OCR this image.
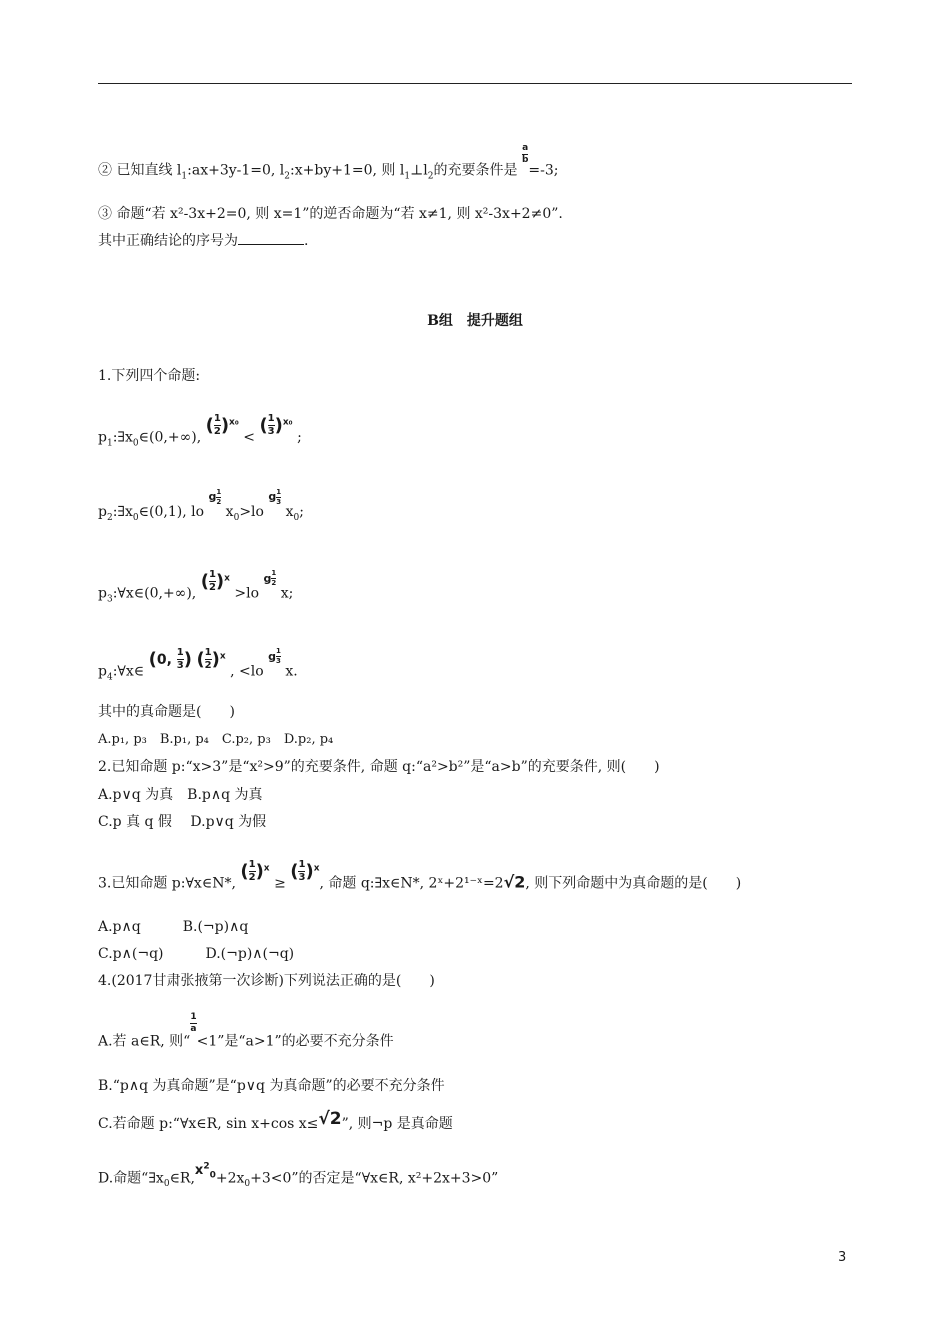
② 已知直线 $l_1:ax+3y-1=0$, $l_2:x+by+1=0$, 则 $l_1\perp l_2$的充要条件是
$\frac{a}{b}$
=-3;
③ 命题“若 x²-3x+2=0, 则 x=1”的逆否命题为“若 x≠1, 则 x²-3x+2≠0”.
其中正确结论的序号为	.
B组　提升题组
1.下列四个命题:
$p_1:\exists x_0\in(0,+\infty)$, ( $\frac{1}{2} )^{x_0}$ < ( $\frac{1}{3} )^{x_0}$ ;
$p_2:\exists x_0\in(0,1)$, lo $^{g \frac{1}{2}}$
$x_0>lo$ $^{g \frac{1}{3}}$
$x_0$;
$p_3:\forall x\in(0,+\infty)$, ( $\frac{1}{2} )^x >lo$ $^{g \frac{1}{2}}$
x;
$p_4:\forall x\in$ (0, $\frac{1}{3}$ ) ( $\frac{1}{2} )^x$ , <lo $^{g \frac{1}{3}}$
x.
其中的真命题是(　　)
A.p₁, p₃　B.p₁, p₄　C.p₂, p₃　D.p₂, p₄
2.已知命题 p:“x>3”是“x²>9”的充要条件, 命题 q:“a²>b²”是“a>b”的充要条件, 则(　　)
A.p∨q 为真　B.p∧q 为真
C.p 真 q 假　 D.p∨q 为假
3.已知命题 p:∀x∈N*, ( $\frac{1}{2} )^x$ ≥ ( $\frac{1}{3} )^x$, 命题 q:∃x∈N*, 2ˣ+2¹⁻ˣ=2√2, 则下列命题中为真命题的是(　　)
A.p∧q　　　B.(¬p)∧q
C.p∧(¬q)　　　D.(¬p)∧(¬q)
4.(2017甘肃张掖第一次诊断)下列说法正确的是(　　)
A.若 a∈R, 则“
$\frac{1}{a}$
<1”是“a>1”的必要不充分条件
B.“p∧q 为真命题”是“p∨q 为真命题”的必要不充分条件
C.若命题 p:“∀x∈R, sin x+cos x≤√2”, 则¬p 是真命题
D.命题“$\exists x_0\in R,x^2_0+2x_0+3<0$”的否定是“∀x∈R, x²+2x+3>0”
3
